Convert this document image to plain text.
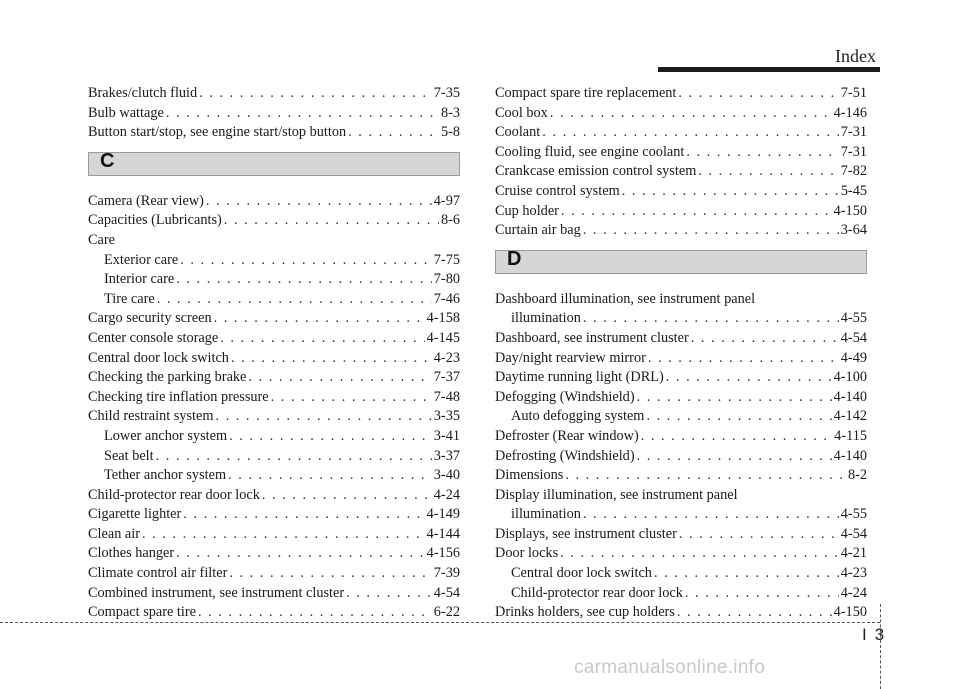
Index
Brakes/clutch fluid . . .	7-35
Bulb wattage . . .	8-3
Button start/stop, see engine start/stop button . . .	5-8
C
Camera (Rear view) . . .	4-97
Capacities (Lubricants) . . .	8-6
Care
Exterior care . . .	7-75
Interior care . . .	7-80
Tire care . . .	7-46
Cargo security screen . . .	4-158
Center console storage . . .	4-145
Central door lock switch . . .	4-23
Checking the parking brake . . .	7-37
Checking tire inflation pressure . . .	7-48
Child restraint system . . .	3-35
Lower anchor system . . .	3-41
Seat belt . . .	3-37
Tether anchor system . . .	3-40
Child-protector rear door lock . . .	4-24
Cigarette lighter . . .	4-149
Clean air . . .	4-144
Clothes hanger . . .	4-156
Climate control air filter . . .	7-39
Combined instrument, see instrument cluster . . .	4-54
Compact spare tire . . .	6-22
Compact spare tire replacement . . .	7-51
Cool box . . .	4-146
Coolant . . .	7-31
Cooling fluid, see engine coolant . . .	7-31
Crankcase emission control system . . .	7-82
Cruise control system . . .	5-45
Cup holder . . .	4-150
Curtain air bag . . .	3-64
D
Dashboard illumination, see instrument panel
illumination . . .	4-55
Dashboard, see instrument cluster . . .	4-54
Day/night rearview mirror . . .	4-49
Daytime running light (DRL) . . .	4-100
Defogging (Windshield) . . .	4-140
Auto defogging system . . .	4-142
Defroster (Rear window) . . .	4-115
Defrosting (Windshield) . . .	4-140
Dimensions . . .	8-2
Display illumination, see instrument panel
illumination . . .	4-55
Displays, see instrument cluster . . .	4-54
Door locks . . .	4-21
Central door lock switch . . .	4-23
Child-protector rear door lock . . .	4-24
Drinks holders, see cup holders . . .	4-150
I 3
carmanualsonline.info
